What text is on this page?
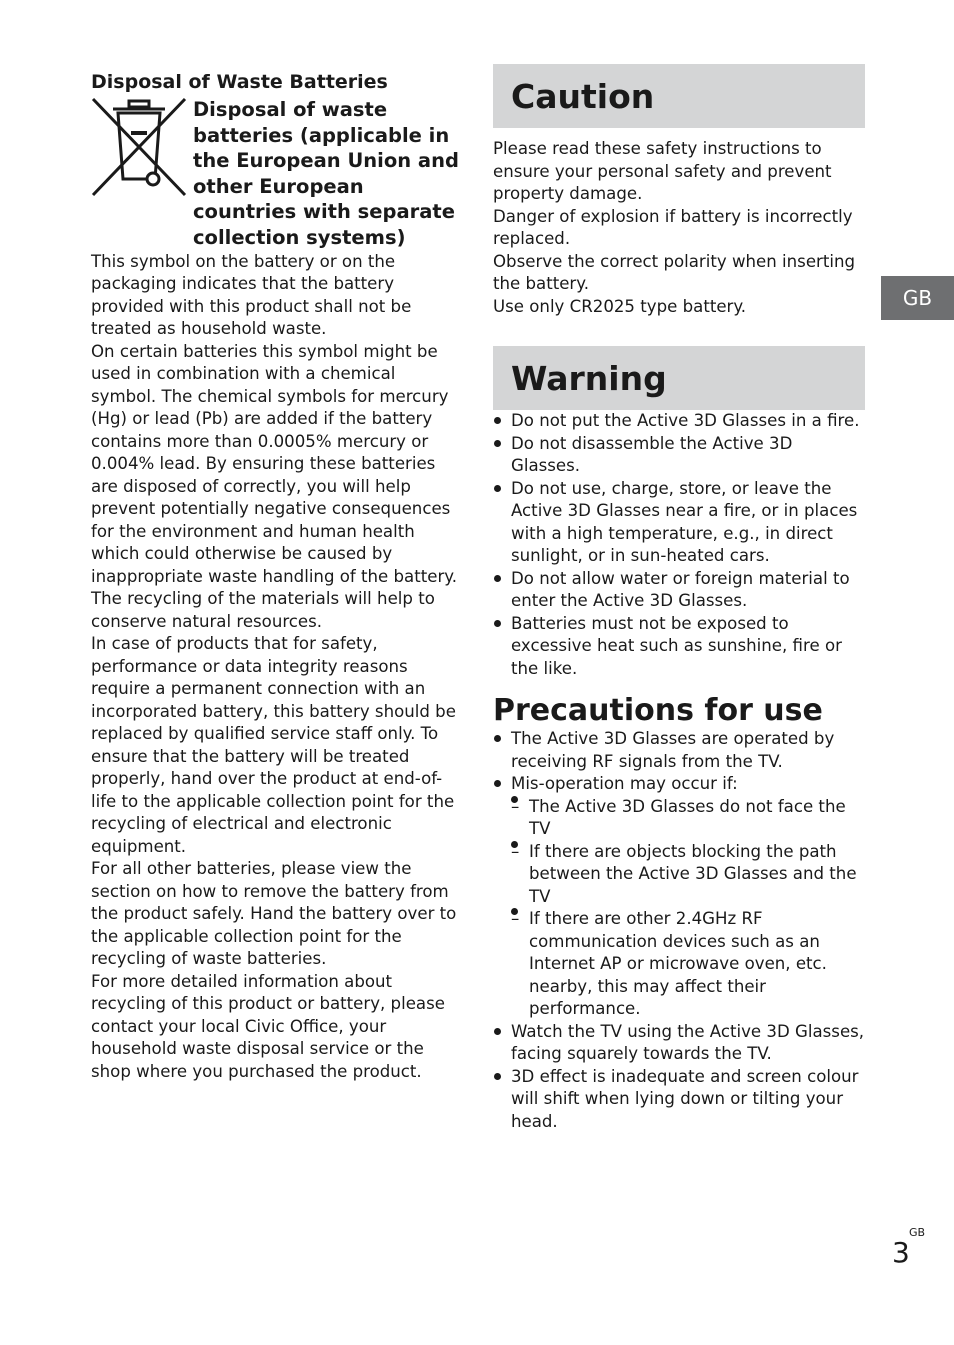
Disposal of Waste Batteries

Disposal of waste batteries (applicable in the European Union and other European countries with separate collection systems)

This symbol on the battery or on the packaging indicates that the battery provided with this product shall not be treated as household waste.

On certain batteries this symbol might be used in combination with a chemical symbol. The chemical symbols for mercury (Hg) or lead (Pb) are added if the battery contains more than 0.0005% mercury or 0.004% lead. By ensuring these batteries are disposed of correctly, you will help prevent potentially negative consequences for the environment and human health which could otherwise be caused by inappropriate waste handling of the battery. The recycling of the materials will help to conserve natural resources.

In case of products that for safety, performance or data integrity reasons require a permanent connection with an incorporated battery, this battery should be replaced by qualified service staff only. To ensure that the battery will be treated properly, hand over the product at end-of-life to the applicable collection point for the recycling of electrical and electronic equipment.

For all other batteries, please view the section on how to remove the battery from the product safely. Hand the battery over to the applicable collection point for the recycling of waste batteries.

For more detailed information about recycling of this product or battery, please contact your local Civic Office, your household waste disposal service or the shop where you purchased the product.

Caution

Please read these safety instructions to ensure your personal safety and prevent property damage.

Danger of explosion if battery is incorrectly replaced.

Observe the correct polarity when inserting the battery.

Use only CR2025 type battery.

Warning
Do not put the Active 3D Glasses in a fire.
Do not disassemble the Active 3D Glasses.
Do not use, charge, store, or leave the Active 3D Glasses near a fire, or in places with a high temperature, e.g., in direct sunlight, or in sun-heated cars.
Do not allow water or foreign material to enter the Active 3D Glasses.
Batteries must not be exposed to excessive heat such as sunshine, fire or the like.
Precautions for use
The Active 3D Glasses are operated by receiving RF signals from the TV.
Mis-operation may occur if:
– The Active 3D Glasses do not face the TV
– If there are objects blocking the path between the Active 3D Glasses and the TV
– If there are other 2.4GHz RF communication devices such as an Internet AP or microwave oven, etc. nearby, this may affect their performance.
Watch the TV using the Active 3D Glasses, facing squarely towards the TV.
3D effect is inadequate and screen colour will shift when lying down or tilting your head.
GB
GB
3
